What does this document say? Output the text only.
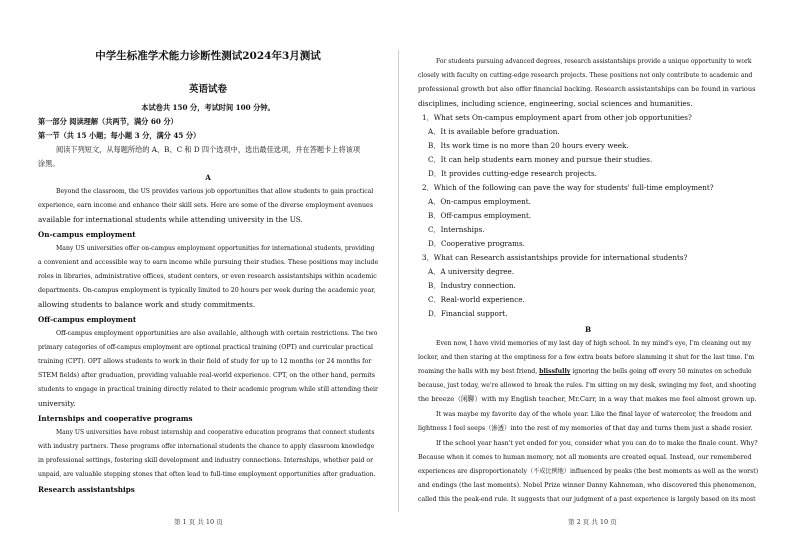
中学生标准学术能力诊断性测试2024年3月测试
英语试卷
本试卷共 150 分，考试时间 100 分钟。
第一部分 阅读理解（共两节，满分 60 分）
第一节（共 15 小题；每小题 3 分，满分 45 分）
阅读下列短文，从每题所给的 A、B、C 和 D 四个选项中，选出最佳选项，并在答题卡上将该项
涂黑。
A
Beyond the classroom, the US provides various job opportunities that allow students to gain practical
experience, earn income and enhance their skill sets. Here are some of the diverse employment avenues
available for international students while attending university in the US.
On-campus employment
Many US universities offer on-campus employment opportunities for international students, providing
a convenient and accessible way to earn income while pursuing their studies. These positions may include
roles in libraries, administrative offices, student centers, or even research assistantships within academic
departments. On-campus employment is typically limited to 20 hours per week during the academic year,
allowing students to balance work and study commitments.
Off-campus employment
Off-campus employment opportunities are also available, although with certain restrictions. The two
primary categories of off-campus employment are optional practical training (OPT) and curricular practical
training (CPT). OPT allows students to work in their field of study for up to 12 months (or 24 months for
STEM fields) after graduation, providing valuable real-world experience. CPT, on the other hand, permits
students to engage in practical training directly related to their academic program while still attending their
university.
Internships and cooperative programs
Many US universities have robust internship and cooperative education programs that connect students
with industry partners. These programs offer international students the chance to apply classroom knowledge
in professional settings, fostering skill development and industry connections. Internships, whether paid or
unpaid, are valuable stepping stones that often lead to full-time employment opportunities after graduation.
Research assistantships
第 1 页 共 10 页
For students pursuing advanced degrees, research assistantships provide a unique opportunity to work
closely with faculty on cutting-edge research projects. These positions not only contribute to academic and
professional growth but also offer financial backing. Research assistantships can be found in various
disciplines, including science, engineering, social sciences and humanities.
1．What sets On-campus employment apart from other job opportunities?
A．It is available before graduation.
B．Its work time is no more than 20 hours every week.
C．It can help students earn money and pursue their studies.
D．It provides cutting-edge research projects.
2．Which of the following can pave the way for students' full-time employment?
A．On-campus employment.
B．Off-campus employment.
C．Internships.
D．Cooperative programs.
3．What can Research assistantships provide for international students?
A．A university degree.
B．Industry connection.
C．Real-world experience.
D．Financial support.
B
Even now, I have vivid memories of my last day of high school. In my mind's eye, I'm cleaning out my
locker, and then staring at the emptiness for a few extra beats before slamming it shut for the last time. I'm
roaming the halls with my best friend, blissfully ignoring the bells going off every 50 minutes on schedule
because, just today, we're allowed to break the rules. I'm sitting on my desk, swinging my feet, and shooting
the breeze（闲聊）with my English teacher, Mr.Carr, in a way that makes me feel almost grown up.
It was maybe my favorite day of the whole year. Like the final layer of watercolor, the freedom and
lightness I feel seeps（渗透）into the rest of my memories of that day and turns them just a shade rosier.
If the school year hasn't yet ended for you, consider what you can do to make the finale count. Why?
Because when it comes to human memory, not all moments are created equal. Instead, our remembered
experiences are disproportionately（不成比例地）influenced by peaks (the best moments as well as the worst)
and endings (the last moments). Nobel Prize winner Danny Kahneman, who discovered this phenomenon,
called this the peak-end rule. It suggests that our judgment of a past experience is largely based on its most
第 2 页 共 10 页
